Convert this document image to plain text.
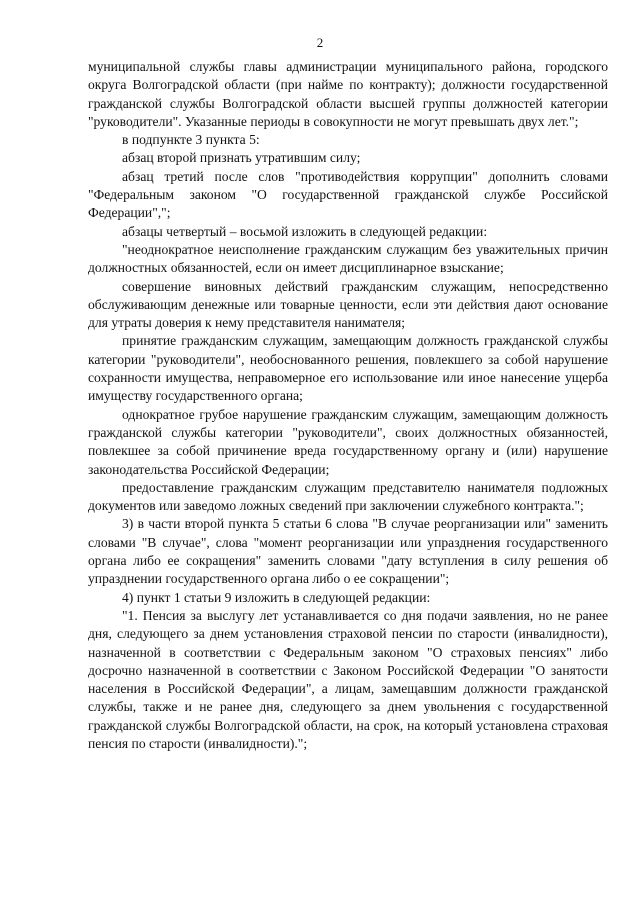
2

муниципальной службы главы администрации муниципального района, городского округа Волгоградской области (при найме по контракту); должности государственной гражданской службы Волгоградской области высшей группы должностей категории "руководители". Указанные периоды в совокупности не могут превышать двух лет.";

в подпункте 3 пункта 5:

абзац второй признать утратившим силу;

абзац третий после слов "противодействия коррупции" дополнить словами "Федеральным законом "О государственной гражданской службе Российской Федерации",";

абзацы четвертый – восьмой изложить в следующей редакции:

"неоднократное неисполнение гражданским служащим без уважительных причин должностных обязанностей, если он имеет дисциплинарное взыскание;

совершение виновных действий гражданским служащим, непосредственно обслуживающим денежные или товарные ценности, если эти действия дают основание для утраты доверия к нему представителя нанимателя;

принятие гражданским служащим, замещающим должность гражданской службы категории "руководители", необоснованного решения, повлекшего за собой нарушение сохранности имущества, неправомерное его использование или иное нанесение ущерба имуществу государственного органа;

однократное грубое нарушение гражданским служащим, замещающим должность гражданской службы категории "руководители", своих должностных обязанностей, повлекшее за собой причинение вреда государственному органу и (или) нарушение законодательства Российской Федерации;

предоставление гражданским служащим представителю нанимателя подложных документов или заведомо ложных сведений при заключении служебного контракта.";

3) в части второй пункта 5 статьи 6 слова "В случае реорганизации или" заменить словами "В случае", слова "момент реорганизации или упразднения государственного органа либо ее сокращения" заменить словами "дату вступления в силу решения об упразднении государственного органа либо о ее сокращении";

4) пункт 1 статьи 9 изложить в следующей редакции:

"1. Пенсия за выслугу лет устанавливается со дня подачи заявления, но не ранее дня, следующего за днем установления страховой пенсии по старости (инвалидности), назначенной в соответствии с Федеральным законом "О страховых пенсиях" либо досрочно назначенной в соответствии с Законом Российской Федерации "О занятости населения в Российской Федерации", а лицам, замещавшим должности гражданской службы, также и не ранее дня, следующего за днем увольнения с государственной гражданской службы Волгоградской области, на срок, на который установлена страховая пенсия по старости (инвалидности).";
